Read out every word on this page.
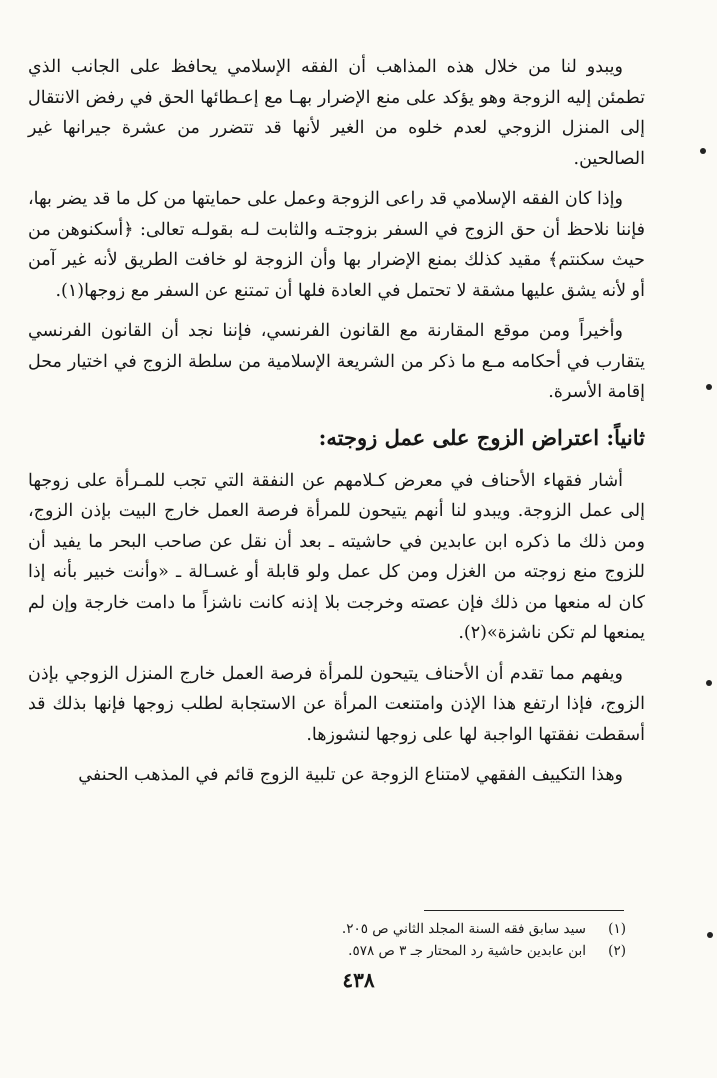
ويبدو لنا من خلال هذه المذاهب أن الفقه الإسلامي يحافظ على الجانب الذي تطمئن إليه الزوجة وهو يؤكد على منع الإضرار بهـا مع إعـطائها الحق في رفض الانتقال إلى المنزل الزوجي لعدم خلوه من الغير لأنها قد تتضرر من عشرة جيرانها غير الصالحين.

وإذا كان الفقه الإسلامي قد راعى الزوجة وعمل على حمايتها من كل ما قد يضر بها، فإننا نلاحظ أن حق الزوج في السفر بزوجتـه والثابت لـه بقولـه تعالى: ﴿أسكنوهن من حيث سكنتم﴾ مقيد كذلك بمنع الإضرار بها وأن الزوجة لو خافت الطريق لأنه غير آمن أو لأنه يشق عليها مشقة لا تحتمل في العادة فلها أن تمتنع عن السفر مع زوجها(١).

وأخيراً ومن موقع المقارنة مع القانون الفرنسي، فإننا نجد أن القانون الفرنسي يتقارب في أحكامه مـع ما ذكر من الشريعة الإسلامية من سلطة الزوج في اختيار محل إقامة الأسرة.

ثانياً: اعتراض الزوج على عمل زوجته:

أشار فقهاء الأحناف في معرض كـلامهم عن النفقة التي تجب للمـرأة على زوجها إلى عمل الزوجة. ويبدو لنا أنهم يتيحون للمرأة فرصة العمل خارج البيت بإذن الزوج، ومن ذلك ما ذكره ابن عابدين في حاشيته ـ بعد أن نقل عن صاحب البحر ما يفيد أن للزوج منع زوجته من الغزل ومن كل عمل ولو قابلة أو غسـالة ـ «وأنت خبير بأنه إذا كان له منعها من ذلك فإن عصته وخرجت بلا إذنه كانت ناشزاً ما دامت خارجة وإن لم يمنعها لم تكن ناشزة»(٢).

ويفهم مما تقدم أن الأحناف يتيحون للمرأة فرصة العمل خارج المنزل الزوجي بإذن الزوج، فإذا ارتفع هذا الإذن وامتنعت المرأة عن الاستجابة لطلب زوجها فإنها بذلك قد أسقطت نفقتها الواجبة لها على زوجها لنشوزها.

وهذا التكييف الفقهي لامتناع الزوجة عن تلبية الزوج قائم في المذهب الحنفي

(١)
سيد سابق فقه السنة المجلد الثاني ص ٢٠٥.
(٢)
ابن عابدين حاشية رد المحتار جـ ٣ ص ٥٧٨.
٤٣٨
